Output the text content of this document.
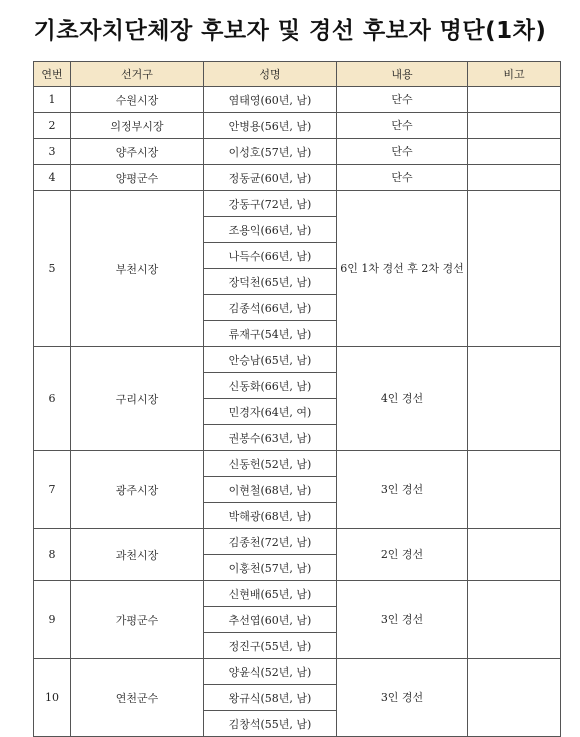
기초자치단체장 후보자 및 경선 후보자 명단(1차)
연번	선거구	성명	내용	비고
1	수원시장	염태영(60년, 남)	단수	
2	의정부시장	안병용(56년, 남)	단수	
3	양주시장	이성호(57년, 남)	단수	
4	양평군수	정동균(60년, 남)	단수	
5	부천시장	강동구(72년, 남)	6인 1차 경선 후 2차 경선	
		조용익(66년, 남)		
		나득수(66년, 남)		
		장덕천(65년, 남)		
		김종석(66년, 남)		
		류재구(54년, 남)		
6	구리시장	안승남(65년, 남)	4인 경선	
		신동화(66년, 남)		
		민경자(64년, 여)		
		권봉수(63년, 남)		
7	광주시장	신동헌(52년, 남)	3인 경선	
		이현철(68년, 남)		
		박해광(68년, 남)		
8	과천시장	김종천(72년, 남)	2인 경선	
		이홍천(57년, 남)		
9	가평군수	신현배(65년, 남)	3인 경선	
		추선엽(60년, 남)		
		정진구(55년, 남)		
10	연천군수	양윤식(52년, 남)	3인 경선	
		왕규식(58년, 남)		
		김창석(55년, 남)		
